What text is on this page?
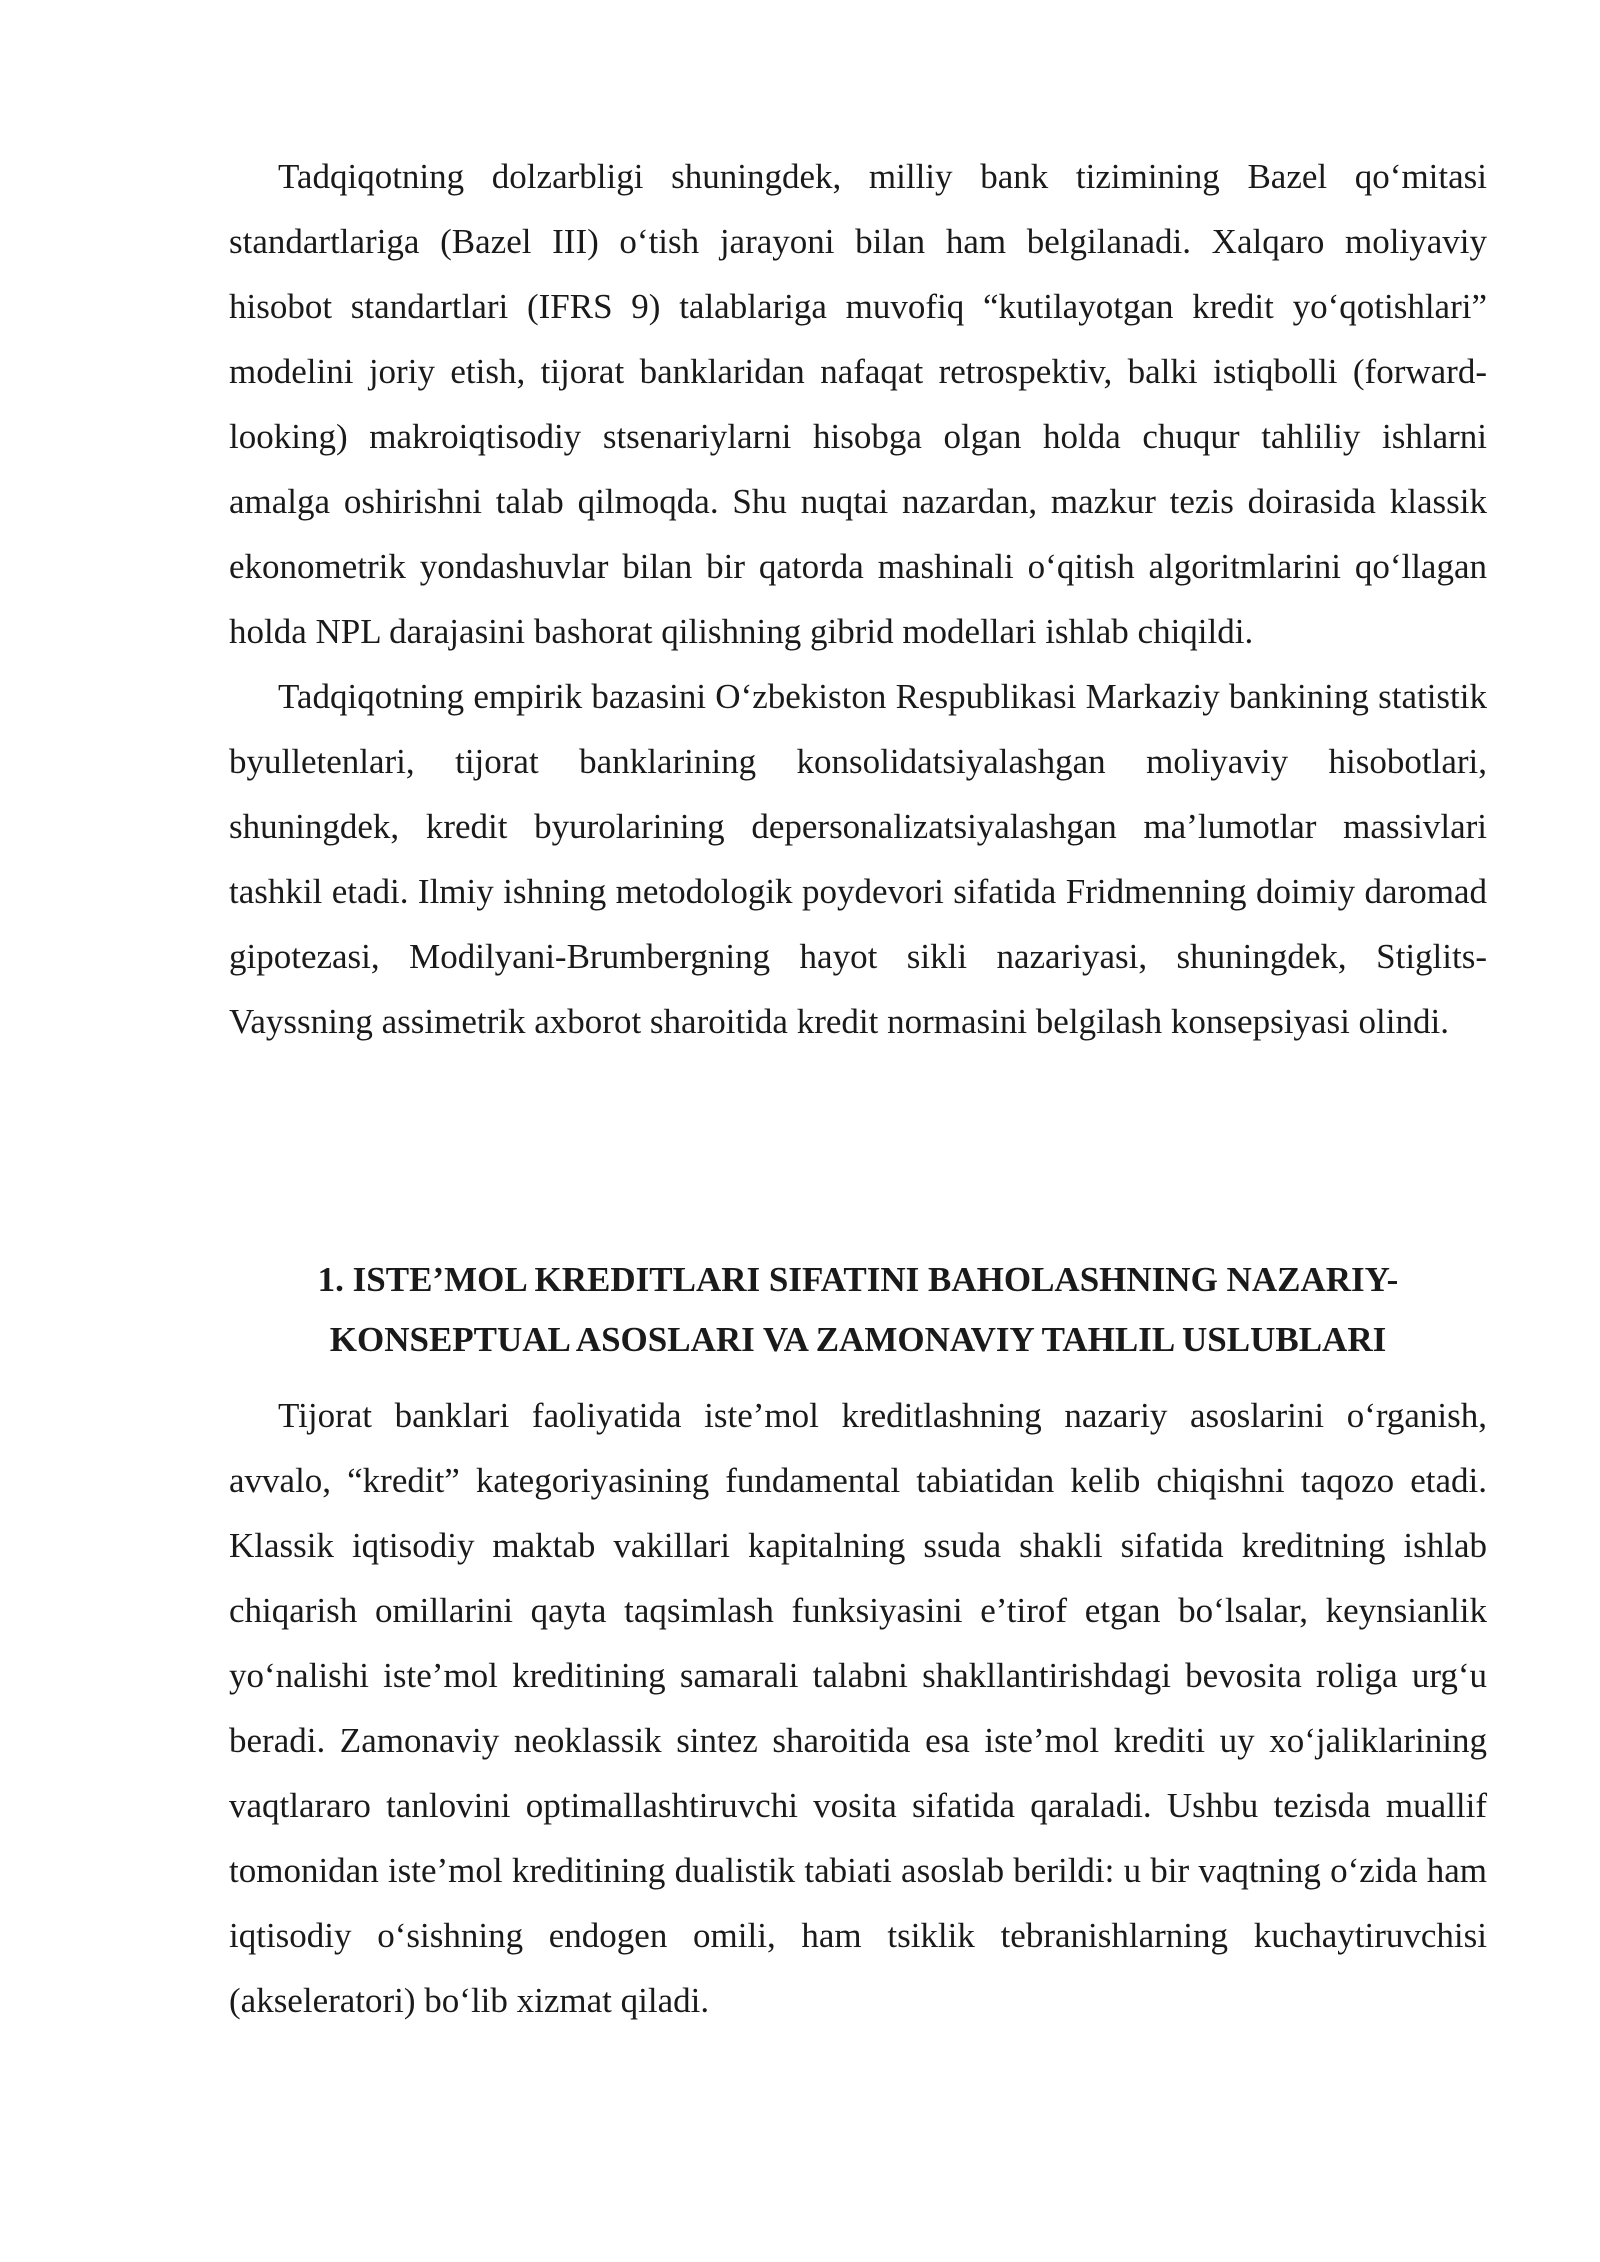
Tadqiqotning dolzarbligi shuningdek, milliy bank tizimining Bazel qo‘mitasi standartlariga (Bazel III) o‘tish jarayoni bilan ham belgilanadi. Xalqaro moliyaviy hisobot standartlari (IFRS 9) talablariga muvofiq “kutilayotgan kredit yo‘qotishlari” modelini joriy etish, tijorat banklaridan nafaqat retrospektiv, balki istiqbolli (forward-looking) makroiqtisodiy stsenariylarni hisobga olgan holda chuqur tahliliy ishlarni amalga oshirishni talab qilmoqda. Shu nuqtai nazardan, mazkur tezis doirasida klassik ekonometrik yondashuvlar bilan bir qatorda mashinali o‘qitish algoritmlarini qo‘llagan holda NPL darajasini bashorat qilishning gibrid modellari ishlab chiqildi.

Tadqiqotning empirik bazasini O‘zbekiston Respublikasi Markaziy bankining statistik byulletenlari, tijorat banklarining konsolidatsiyalashgan moliyaviy hisobotlari, shuningdek, kredit byurolarining depersonalizatsiyalashgan ma’lumotlar massivlari tashkil etadi. Ilmiy ishning metodologik poydevori sifatida Fridmenning doimiy daromad gipotezasi, Modilyani-Brumbergning hayot sikli nazariyasi, shuningdek, Stiglits-Vayssning assimetrik axborot sharoitida kredit normasini belgilash konsepsiyasi olindi.

1. ISTE’MOL KREDITLARI SIFATINI BAHOLASHNING NAZARIY-
KONSEPTUAL ASOSLARI VA ZAMONAVIY TAHLIL USLUBLARI

Tijorat banklari faoliyatida iste’mol kreditlashning nazariy asoslarini o‘rganish, avvalo, “kredit” kategoriyasining fundamental tabiatidan kelib chiqishni taqozo etadi. Klassik iqtisodiy maktab vakillari kapitalning ssuda shakli sifatida kreditning ishlab chiqarish omillarini qayta taqsimlash funksiyasini e’tirof etgan bo‘lsalar, keynsianlik yo‘nalishi iste’mol kreditining samarali talabni shakllantirishdagi bevosita roliga urg‘u beradi. Zamonaviy neoklassik sintez sharoitida esa iste’mol krediti uy xo‘jaliklarining vaqtlararo tanlovini optimallashtiruvchi vosita sifatida qaraladi. Ushbu tezisda muallif tomonidan iste’mol kreditining dualistik tabiati asoslab berildi: u bir vaqtning o‘zida ham iqtisodiy o‘sishning endogen omili, ham tsiklik tebranishlarning kuchaytiruvchisi (akseleratori) bo‘lib xizmat qiladi.
